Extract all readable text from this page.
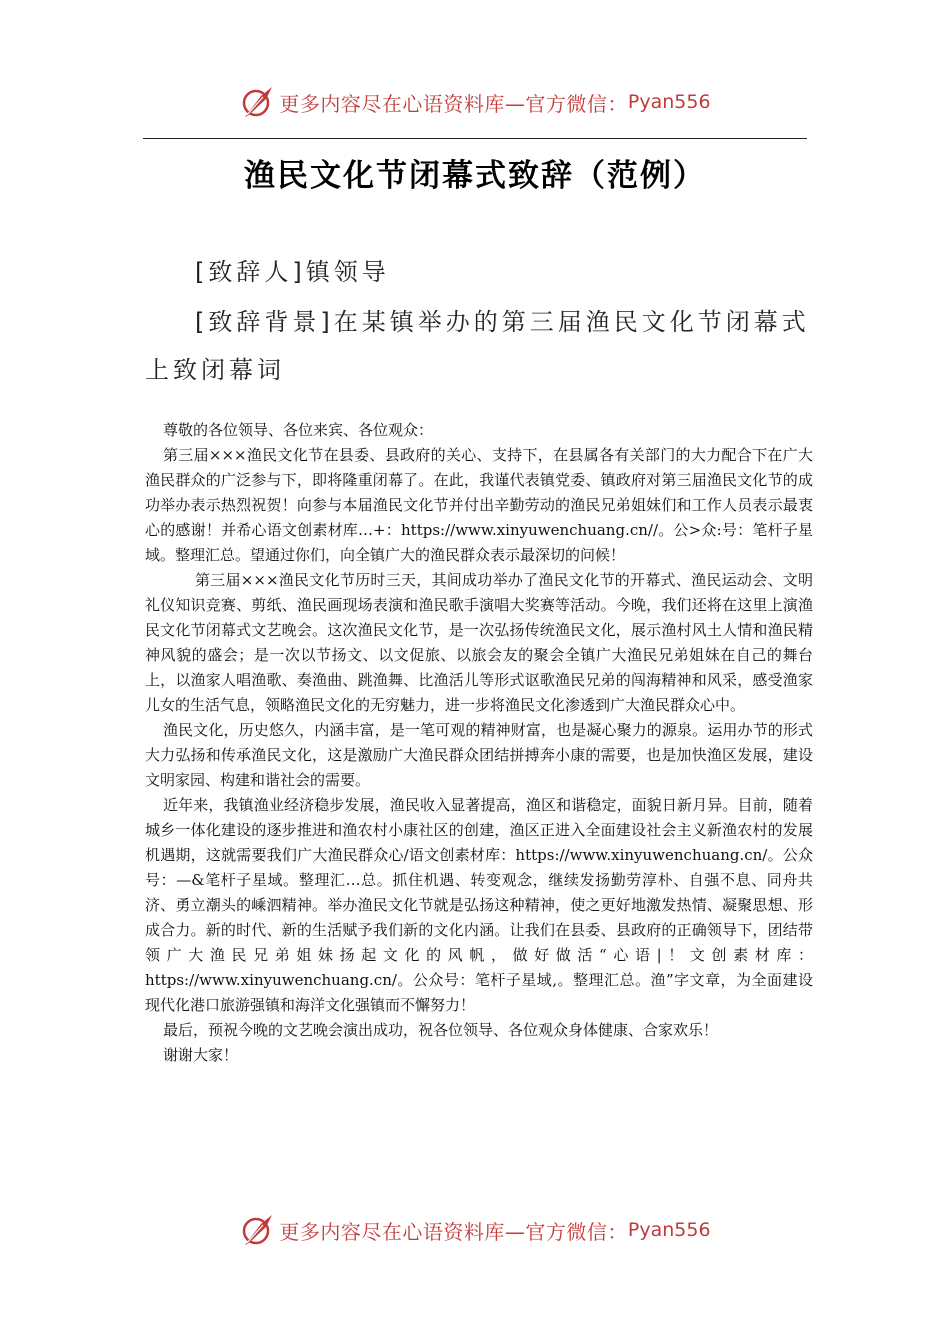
更多内容尽在心语资料库—官方微信： Pyan556
渔民文化节闭幕式致辞（范例）
[致辞人]镇领导
[致辞背景]在某镇举办的第三届渔民文化节闭幕式上致闭幕词

尊敬的各位领导、各位来宾、各位观众：

第三届×××渔民文化节在县委、县政府的关心、支持下，在县属各有关部门的大力配合下在广大渔民群众的广泛参与下，即将隆重闭幕了。在此，我谨代表镇党委、镇政府对第三届渔民文化节的成功举办表示热烈祝贺！向参与本届渔民文化节并付出辛勤劳动的渔民兄弟姐妹们和工作人员表示最衷心的感谢！并希心语文创素材库…+：https://www.xinyuwenchuang.cn//。公>众:号：笔杆子星域。整理汇总。望通过你们，向全镇广大的渔民群众表示最深切的问候！

第三届×××渔民文化节历时三天，其间成功举办了渔民文化节的开幕式、渔民运动会、文明礼仪知识竞赛、剪纸、渔民画现场表演和渔民歌手演唱大奖赛等活动。今晚，我们还将在这里上演渔民文化节闭幕式文艺晚会。这次渔民文化节，是一次弘扬传统渔民文化，展示渔村风土人情和渔民精神风貌的盛会；是一次以节扬文、以文促旅、以旅会友的聚会全镇广大渔民兄弟姐妹在自己的舞台上，以渔家人唱渔歌、奏渔曲、跳渔舞、比渔活儿等形式讴歌渔民兄弟的闯海精神和风采，感受渔家儿女的生活气息，领略渔民文化的无穷魅力，进一步将渔民文化渗透到广大渔民群众心中。

渔民文化，历史悠久，内涵丰富，是一笔可观的精神财富，也是凝心聚力的源泉。运用办节的形式大力弘扬和传承渔民文化，这是激励广大渔民群众团结拼搏奔小康的需要，也是加快渔区发展，建设文明家园、构建和谐社会的需要。

近年来，我镇渔业经济稳步发展，渔民收入显著提高，渔区和谐稳定，面貌日新月异。目前，随着城乡一体化建设的逐步推进和渔农村小康社区的创建，渔区正进入全面建设社会主义新渔农村的发展机遇期，这就需要我们广大渔民群众心/语文创素材库：https://www.xinyuwenchuang.cn/。公众号：—&笔杆子星域。整理汇…总。抓住机遇、转变观念，继续发扬勤劳淳朴、自强不息、同舟共济、勇立潮头的嵊泗精神。举办渔民文化节就是弘扬这种精神，使之更好地激发热情、凝聚思想、形成合力。新的时代、新的生活赋予我们新的文化内涵。让我们在县委、县政府的正确领导下，团结带领广大渔民兄弟姐妹扬起文化的风帆，做好做活“心语|！文创素材库：https://www.xinyuwenchuang.cn/。公众号：笔杆子星域,。整理汇总。渔”字文章，为全面建设现代化港口旅游强镇和海洋文化强镇而不懈努力！

最后，预祝今晚的文艺晚会演出成功，祝各位领导、各位观众身体健康、合家欢乐！

谢谢大家！

更多内容尽在心语资料库—官方微信： Pyan556
